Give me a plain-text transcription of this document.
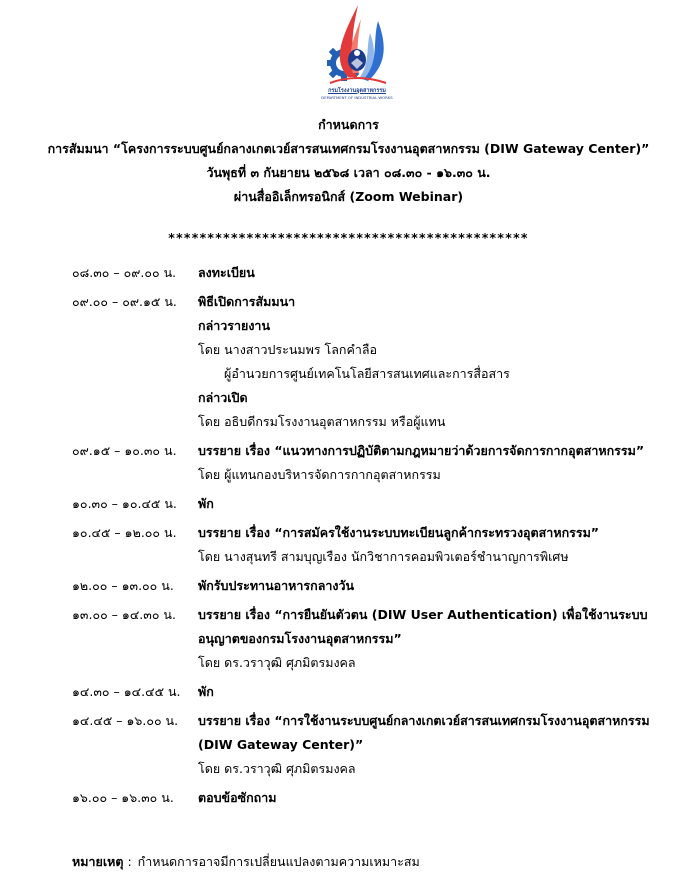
กรมโรงงานอุตสาหกรรม
DEPARTMENT OF INDUSTRIAL WORKS
กำหนดการ
การสัมมนา “โครงการระบบศูนย์กลางเกตเวย์สารสนเทศกรมโรงงานอุตสาหกรรม (DIW Gateway Center)”
วันพุธที่ ๓ กันยายน ๒๕๖๘ เวลา ๐๘.๓๐ - ๑๖.๓๐ น.
ผ่านสื่ออิเล็กทรอนิกส์ (Zoom Webinar)
**********************************************
๐๘.๓๐ – ๐๙.๐๐ น.	ลงทะเบียน
๐๙.๐๐ – ๐๙.๑๕ น.	พิธีเปิดการสัมมนา
กล่าวรายงาน
โดย นางสาวประนมพร โลกคำลือ
ผู้อำนวยการศูนย์เทคโนโลยีสารสนเทศและการสื่อสาร
กล่าวเปิด
โดย อธิบดีกรมโรงงานอุตสาหกรรม หรือผู้แทน
๐๙.๑๕ – ๑๐.๓๐ น.	บรรยาย เรื่อง “แนวทางการปฏิบัติตามกฎหมายว่าด้วยการจัดการกากอุตสาหกรรม”
โดย ผู้แทนกองบริหารจัดการกากอุตสาหกรรม
๑๐.๓๐ – ๑๐.๔๕ น.	พัก
๑๐.๔๕ – ๑๒.๐๐ น.	บรรยาย เรื่อง “การสมัครใช้งานระบบทะเบียนลูกค้ากระทรวงอุตสาหกรรม”
โดย นางสุนทรี สามบุญเรือง นักวิชาการคอมพิวเตอร์ชำนาญการพิเศษ
๑๒.๐๐ – ๑๓.๐๐ น.	พักรับประทานอาหารกลางวัน
๑๓.๐๐ – ๑๔.๓๐ น.	บรรยาย เรื่อง “การยืนยันตัวตน (DIW User Authentication) เพื่อใช้งานระบบ
อนุญาตของกรมโรงงานอุตสาหกรรม”
โดย ดร.วราวุฒิ ศุภมิตรมงคล
๑๔.๓๐ – ๑๔.๔๕ น.	พัก
๑๔.๔๕ – ๑๖.๐๐ น.	บรรยาย เรื่อง “การใช้งานระบบศูนย์กลางเกตเวย์สารสนเทศกรมโรงงานอุตสาหกรรม
(DIW Gateway Center)”
โดย ดร.วราวุฒิ ศุภมิตรมงคล
๑๖.๐๐ – ๑๖.๓๐ น.	ตอบข้อซักถาม
หมายเหตุ : กำหนดการอาจมีการเปลี่ยนแปลงตามความเหมาะสม
